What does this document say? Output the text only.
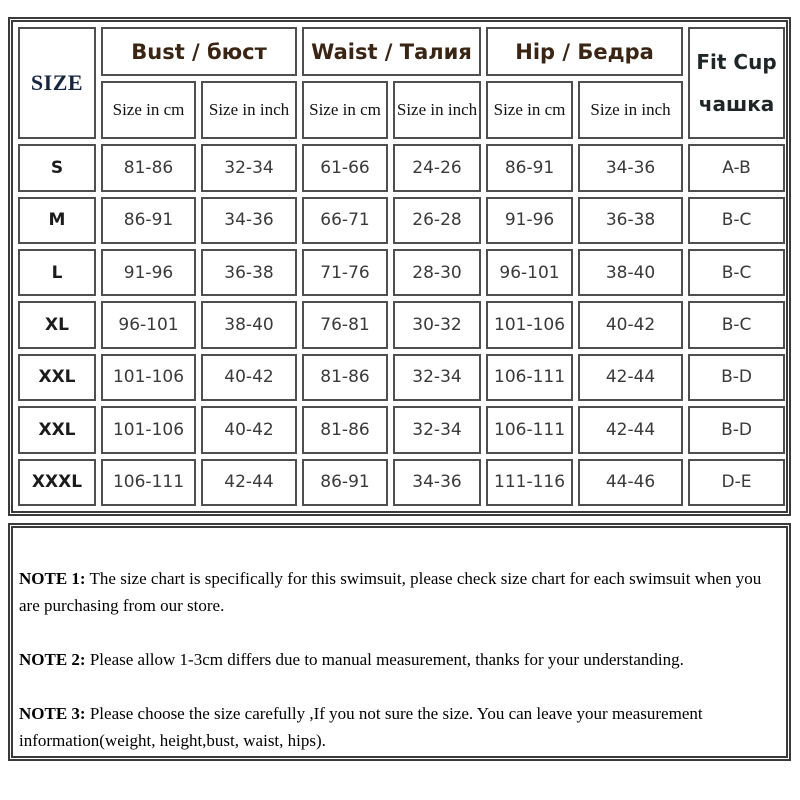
SIZE	Bust / бюст		Waist / Талия		Hip / Бедра		Fit Cup
чашка

	Size in cm	Size in inch	Size in cm	Size in inch	Size in cm	Size in inch	
S	81-86	32-34	61-66	24-26	86-91	34-36	A-B
M	86-91	34-36	66-71	26-28	91-96	36-38	B-C
L	91-96	36-38	71-76	28-30	96-101	38-40	B-C
XL	96-101	38-40	76-81	30-32	101-106	40-42	B-C
XXL	101-106	40-42	81-86	32-34	106-111	42-44	B-D
XXL	101-106	40-42	81-86	32-34	106-111	42-44	B-D
XXXL	106-111	42-44	86-91	34-36	111-116	44-46	D-E

NOTE 1: The size chart is specifically for this swimsuit, please check size chart for each swimsuit when you are purchasing from our store.

NOTE 2: Please allow 1-3cm differs due to manual measurement, thanks for your understanding.

NOTE 3: Please choose the size carefully ,If you not sure the size. You can leave your measurement information(weight, height,bust, waist, hips).
